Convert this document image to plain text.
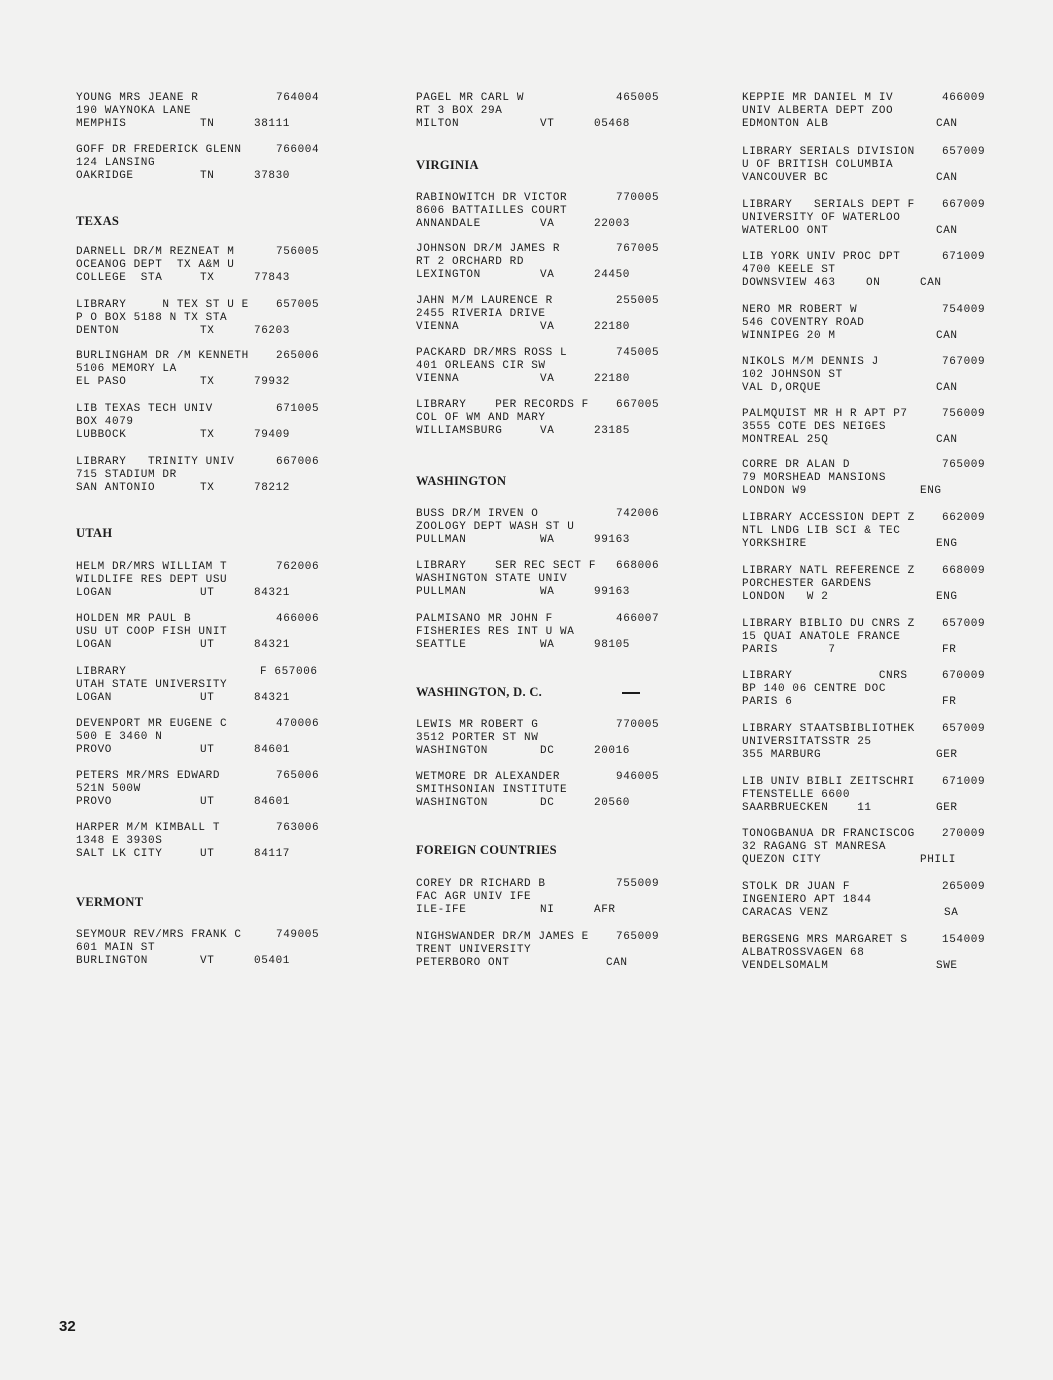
YOUNG MRS JEANE R	764004
190 WAYNOKA LANE
MEMPHIS	TN	38111
GOFF DR FREDERICK GLENN	766004
124 LANSING
OAKRIDGE	TN	37830
TEXAS
DARNELL DR/M REZNEAT M	756005
OCEANOG DEPT  TX A&M U
COLLEGE  STA	TX	77843
LIBRARY     N TEX ST U E 657005
P O BOX 5188 N TX STA
DENTON	TX	76203
BURLINGHAM DR /M KENNETH 265006
5106 MEMORY LA
EL PASO	TX	79932
LIB TEXAS TECH UNIV	671005
BOX 4079
LUBBOCK	TX	79409
LIBRARY   TRINITY UNIV	667006
715 STADIUM DR
SAN ANTONIO	TX	78212
UTAH
HELM DR/MRS WILLIAM T	762006
WILDLIFE RES DEPT USU
LOGAN	UT	84321
HOLDEN MR PAUL B	466006
USU UT COOP FISH UNIT
LOGAN	UT	84321
LIBRARY	F 657006
UTAH STATE UNIVERSITY
LOGAN	UT	84321
DEVENPORT MR EUGENE C	470006
500 E 3460 N
PROVO	UT	84601
PETERS MR/MRS EDWARD	765006
521N 500W
PROVO	UT	84601
HARPER M/M KIMBALL T	763006
1348 E 3930S
SALT LK CITY	UT	84117
VERMONT
SEYMOUR REV/MRS FRANK C	749005
601 MAIN ST
BURLINGTON	VT	05401
PAGEL MR CARL W	465005
RT 3 BOX 29A
MILTON	VT	05468
VIRGINIA
RABINOWITCH DR VICTOR	770005
8606 BATTAILLES COURT
ANNANDALE	VA	22003
JOHNSON DR/M JAMES R	767005
RT 2 ORCHARD RD
LEXINGTON	VA	24450
JAHN M/M LAURENCE R	255005
2455 RIVERIA DRIVE
VIENNA	VA	22180
PACKARD DR/MRS ROSS L	745005
401 ORLEANS CIR SW
VIENNA	VA	22180
LIBRARY    PER RECORDS F 667005
COL OF WM AND MARY
WILLIAMSBURG	VA	23185
WASHINGTON
BUSS DR/M IRVEN O	742006
ZOOLOGY DEPT WASH ST U
PULLMAN	WA	99163
LIBRARY    SER REC SECT F 668006
WASHINGTON STATE UNIV
PULLMAN	WA	99163
PALMISANO MR JOHN F	466007
FISHERIES RES INT U WA
SEATTLE	WA	98105
WASHINGTON, D. C.
LEWIS MR ROBERT G	770005
3512 PORTER ST NW
WASHINGTON	DC	20016
WETMORE DR ALEXANDER	946005
SMITHSONIAN INSTITUTE
WASHINGTON	DC	20560
FOREIGN COUNTRIES
COREY DR RICHARD B	755009
FAC AGR UNIV IFE
ILE-IFE	NI	AFR
NIGHSWANDER DR/M JAMES E 765009
TRENT UNIVERSITY
PETERBORO ONT	CAN
KEPPIE MR DANIEL M IV	466009
UNIV ALBERTA DEPT ZOO
EDMONTON ALB	CAN
LIBRARY SERIALS DIVISION 657009
U OF BRITISH COLUMBIA
VANCOUVER BC	CAN
LIBRARY   SERIALS DEPT F 667009
UNIVERSITY OF WATERLOO
WATERLOO ONT	CAN
LIB YORK UNIV PROC DPT	671009
4700 KEELE ST
DOWNSVIEW 463	ON	CAN
NERO MR ROBERT W	754009
546 COVENTRY ROAD
WINNIPEG 20 M	CAN
NIKOLS M/M DENNIS J	767009
102 JOHNSON ST
VAL D,ORQUE	CAN
PALMQUIST MR H R APT P7	756009
3555 COTE DES NEIGES
MONTREAL 25Q	CAN
CORRE DR ALAN D	765009
79 MORSHEAD MANSIONS
LONDON W9	ENG
LIBRARY ACCESSION DEPT Z 662009
NTL LNDG LIB SCI & TEC
YORKSHIRE	ENG
LIBRARY NATL REFERENCE Z 668009
PORCHESTER GARDENS
LONDON   W 2	ENG
LIBRARY BIBLIO DU CNRS Z 657009
15 QUAI ANATOLE FRANCE
PARIS       7	FR
LIBRARY            CNRS	670009
BP 140 06 CENTRE DOC
PARIS 6	FR
LIBRARY STAATSBIBLIOTHEK 657009
UNIVERSITATSSTR 25
355 MARBURG	GER
LIB UNIV BIBLI ZEITSCHRI 671009
FTENSTELLE 6600
SAARBRUECKEN    11	GER
TONOGBANUA DR FRANCISCOG 270009
32 RAGANG ST MANRESA
QUEZON CITY	PHILI
STOLK DR JUAN F	265009
INGENIERO APT 1844
CARACAS VENZ	SA
BERGSENG MRS MARGARET S	154009
ALBATROSSVAGEN 68
VENDELSOMALM	SWE
32
